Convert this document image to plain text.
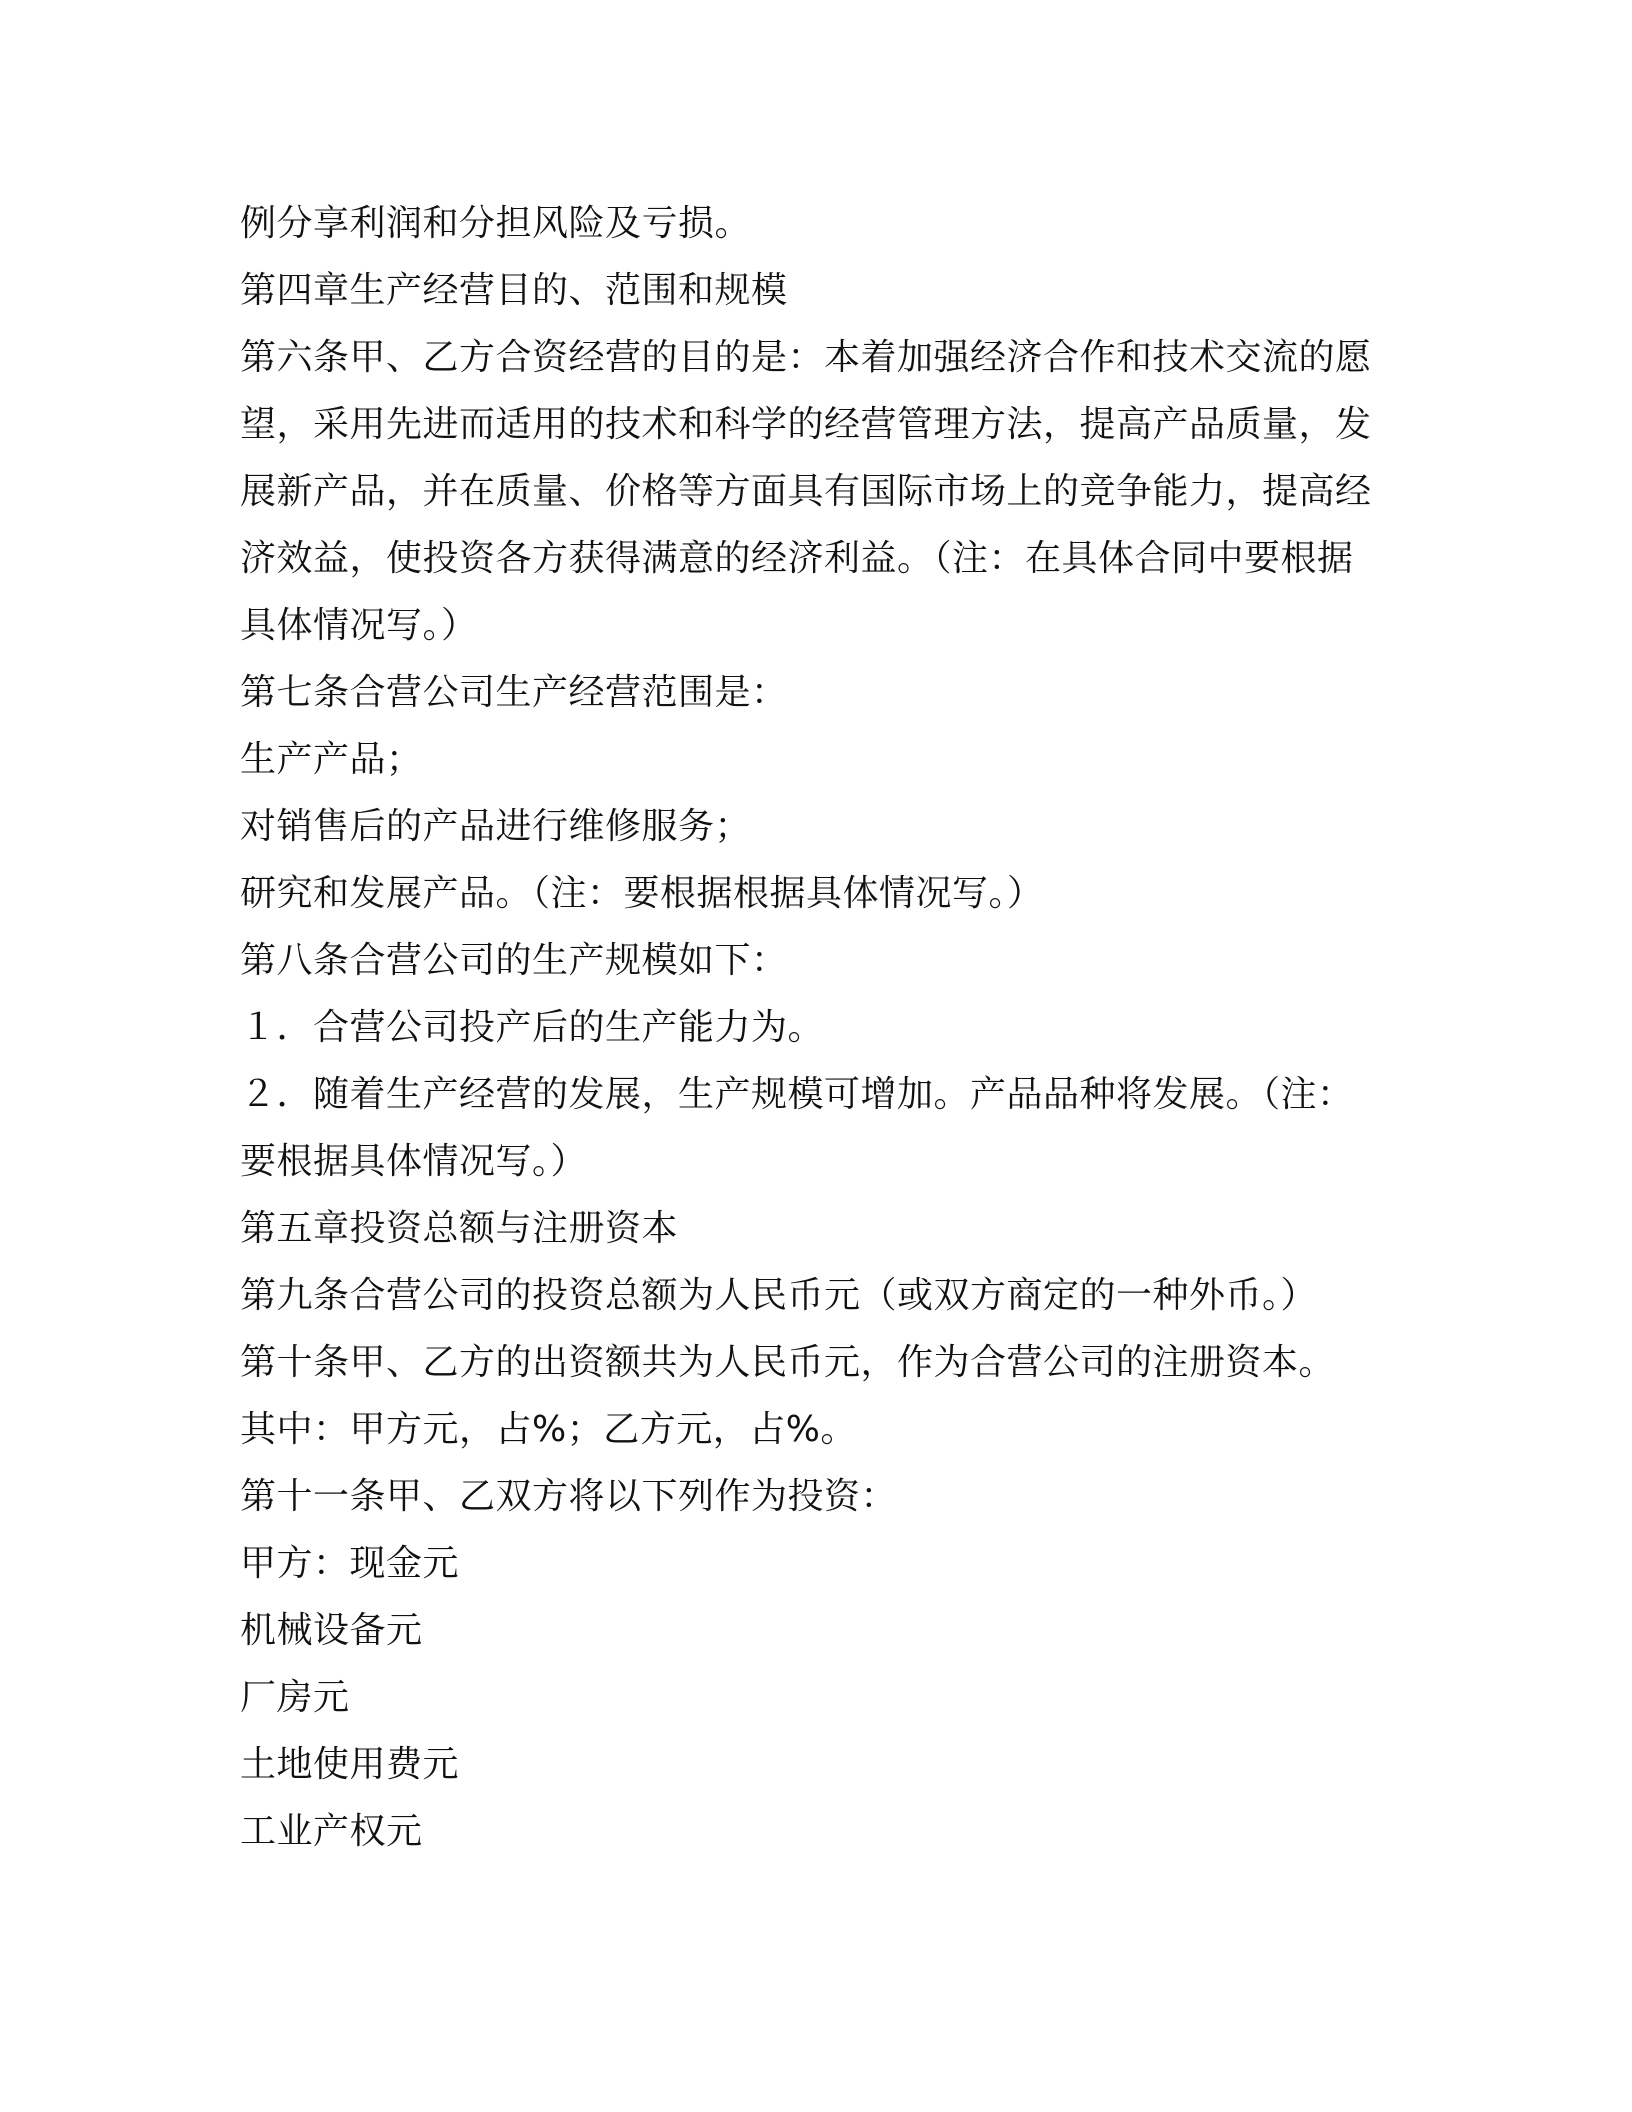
例分享利润和分担风险及亏损。
第四章生产经营目的、范围和规模
第六条甲、乙方合资经营的目的是：本着加强经济合作和技术交流的愿
望，采用先进而适用的技术和科学的经营管理方法，提高产品质量，发
展新产品，并在质量、价格等方面具有国际市场上的竞争能力，提高经
济效益，使投资各方获得满意的经济利益。（注：在具体合同中要根据
具体情况写。）
第七条合营公司生产经营范围是：
生产产品；
对销售后的产品进行维修服务；
研究和发展产品。（注：要根据根据具体情况写。）
第八条合营公司的生产规模如下：
１．合营公司投产后的生产能力为。
２．随着生产经营的发展，生产规模可增加。产品品种将发展。（注：
要根据具体情况写。）
第五章投资总额与注册资本
第九条合营公司的投资总额为人民币元（或双方商定的一种外币。）
第十条甲、乙方的出资额共为人民币元，作为合营公司的注册资本。
其中：甲方元，占%；乙方元，占%。
第十一条甲、乙双方将以下列作为投资：
甲方：现金元
机械设备元
厂房元
土地使用费元
工业产权元
